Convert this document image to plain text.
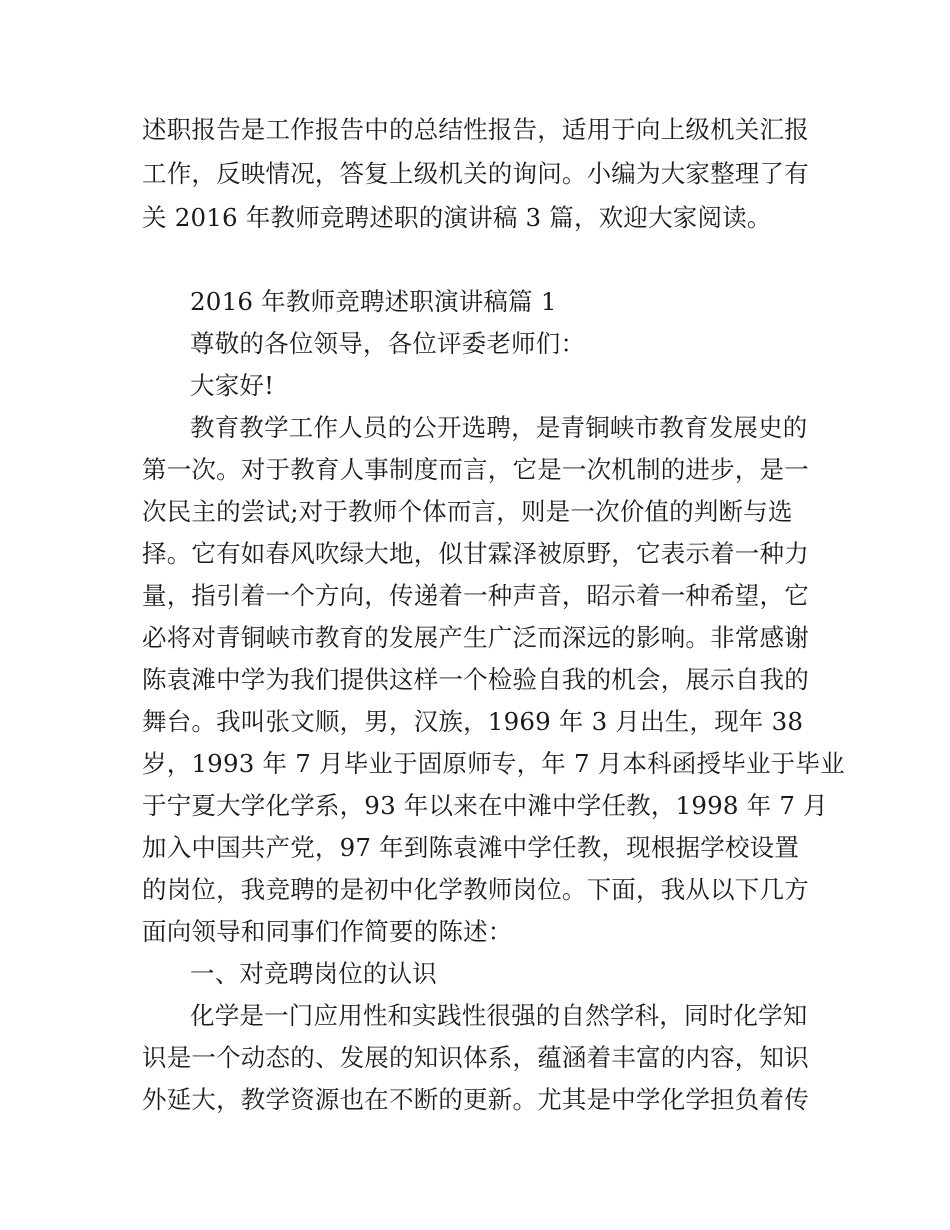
述职报告是工作报告中的总结性报告，适用于向上级机关汇报
工作，反映情况，答复上级机关的询问。小编为大家整理了有
关 2016 年教师竞聘述职的演讲稿 3 篇，欢迎大家阅读。
2016 年教师竞聘述职演讲稿篇 1
尊敬的各位领导，各位评委老师们：
大家好!
教育教学工作人员的公开选聘，是青铜峡市教育发展史的
第一次。对于教育人事制度而言，它是一次机制的进步，是一
次民主的尝试;对于教师个体而言，则是一次价值的判断与选
择。它有如春风吹绿大地，似甘霖泽被原野，它表示着一种力
量，指引着一个方向，传递着一种声音，昭示着一种希望，它
必将对青铜峡市教育的发展产生广泛而深远的影响。非常感谢
陈袁滩中学为我们提供这样一个检验自我的机会，展示自我的
舞台。我叫张文顺，男，汉族，1969 年 3 月出生，现年 38
岁，1993 年 7 月毕业于固原师专，年 7 月本科函授毕业于毕业
于宁夏大学化学系，93 年以来在中滩中学任教，1998 年 7 月
加入中国共产党，97 年到陈袁滩中学任教，现根据学校设置
的岗位，我竞聘的是初中化学教师岗位。下面，我从以下几方
面向领导和同事们作简要的陈述：
一、对竞聘岗位的认识
化学是一门应用性和实践性很强的自然学科，同时化学知
识是一个动态的、发展的知识体系，蕴涵着丰富的内容，知识
外延大，教学资源也在不断的更新。尤其是中学化学担负着传
